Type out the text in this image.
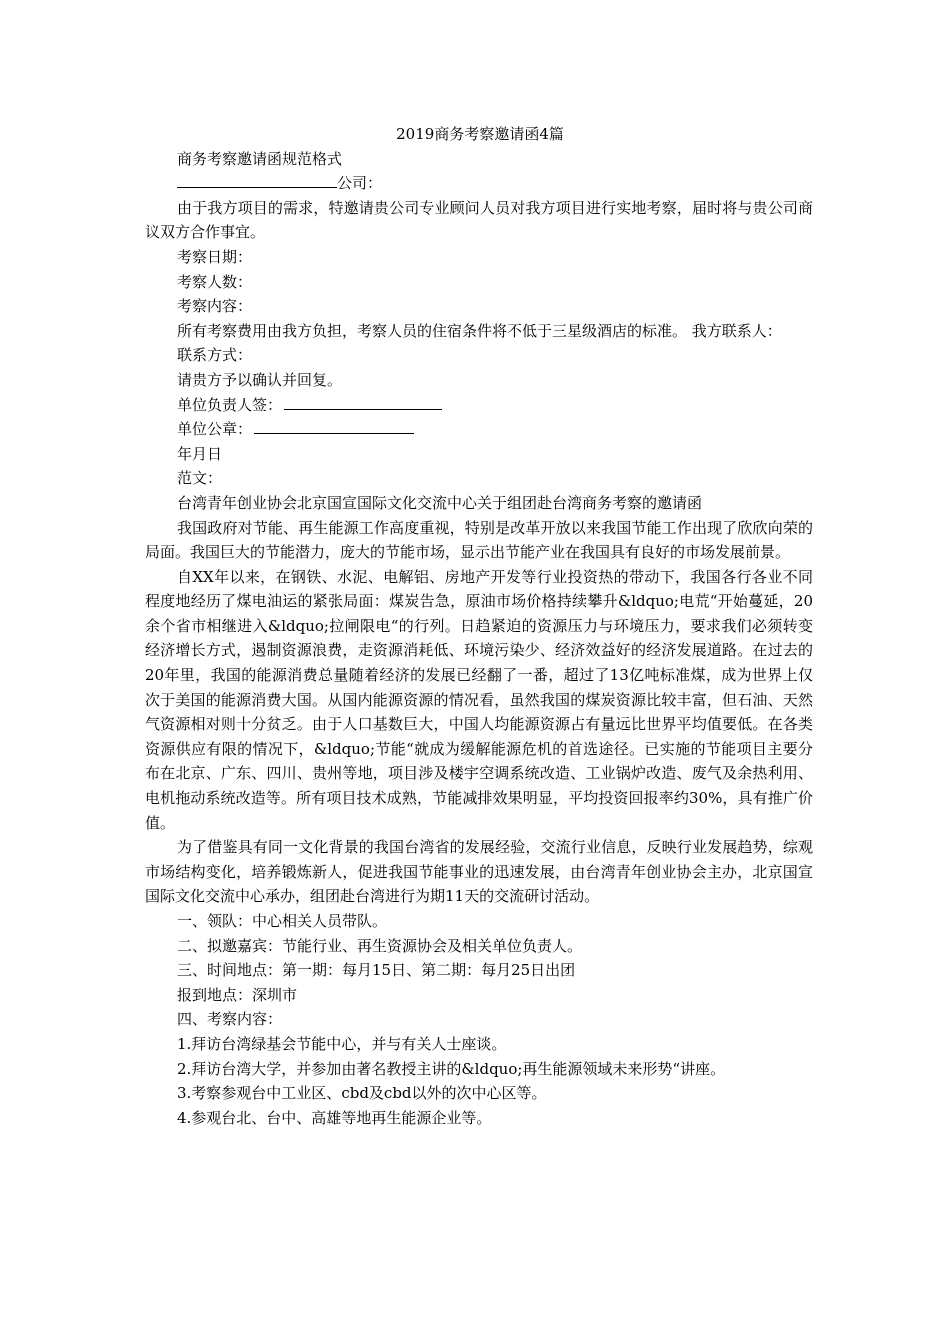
2019商务考察邀请函4篇

商务考察邀请函规范格式

公司：

由于我方项目的需求，特邀请贵公司专业顾问人员对我方项目进行实地考察，届时将与贵公司商议双方合作事宜。

考察日期：

考察人数：

考察内容：

所有考察费用由我方负担，考察人员的住宿条件将不低于三星级酒店的标准。 我方联系人：

联系方式：

请贵方予以确认并回复。

单位负责人签：

单位公章：

年月日

范文：

台湾青年创业协会北京国宣国际文化交流中心关于组团赴台湾商务考察的邀请函

我国政府对节能、再生能源工作高度重视，特别是改革开放以来我国节能工作出现了欣欣向荣的局面。我国巨大的节能潜力，庞大的节能市场，显示出节能产业在我国具有良好的市场发展前景。

自XX年以来，在钢铁、水泥、电解铝、房地产开发等行业投资热的带动下，我国各行各业不同程度地经历了煤电油运的紧张局面：煤炭告急，原油市场价格持续攀升&ldquo;电荒“开始蔓延，20余个省市相继进入&ldquo;拉闸限电“的行列。日趋紧迫的资源压力与环境压力，要求我们必须转变经济增长方式，遏制资源浪费，走资源消耗低、环境污染少、经济效益好的经济发展道路。在过去的20年里，我国的能源消费总量随着经济的发展已经翻了一番，超过了13亿吨标准煤，成为世界上仅次于美国的能源消费大国。从国内能源资源的情况看，虽然我国的煤炭资源比较丰富，但石油、天然气资源相对则十分贫乏。由于人口基数巨大，中国人均能源资源占有量远比世界平均值要低。在各类资源供应有限的情况下，&ldquo;节能“就成为缓解能源危机的首选途径。已实施的节能项目主要分布在北京、广东、四川、贵州等地，项目涉及楼宇空调系统改造、工业锅炉改造、废气及余热利用、电机拖动系统改造等。所有项目技术成熟，节能减排效果明显，平均投资回报率约30%，具有推广价值。

为了借鉴具有同一文化背景的我国台湾省的发展经验，交流行业信息，反映行业发展趋势，综观市场结构变化，培养锻炼新人，促进我国节能事业的迅速发展，由台湾青年创业协会主办，北京国宣国际文化交流中心承办，组团赴台湾进行为期11天的交流研讨活动。

一、领队：中心相关人员带队。

二、拟邀嘉宾：节能行业、再生资源协会及相关单位负责人。

三、时间地点：第一期：每月15日、第二期：每月25日出团

报到地点：深圳市

四、考察内容：

1.拜访台湾绿基会节能中心，并与有关人士座谈。

2.拜访台湾大学，并参加由著名教授主讲的&ldquo;再生能源领域未来形势“讲座。

3.考察参观台中工业区、cbd及cbd以外的次中心区等。

4.参观台北、台中、高雄等地再生能源企业等。
